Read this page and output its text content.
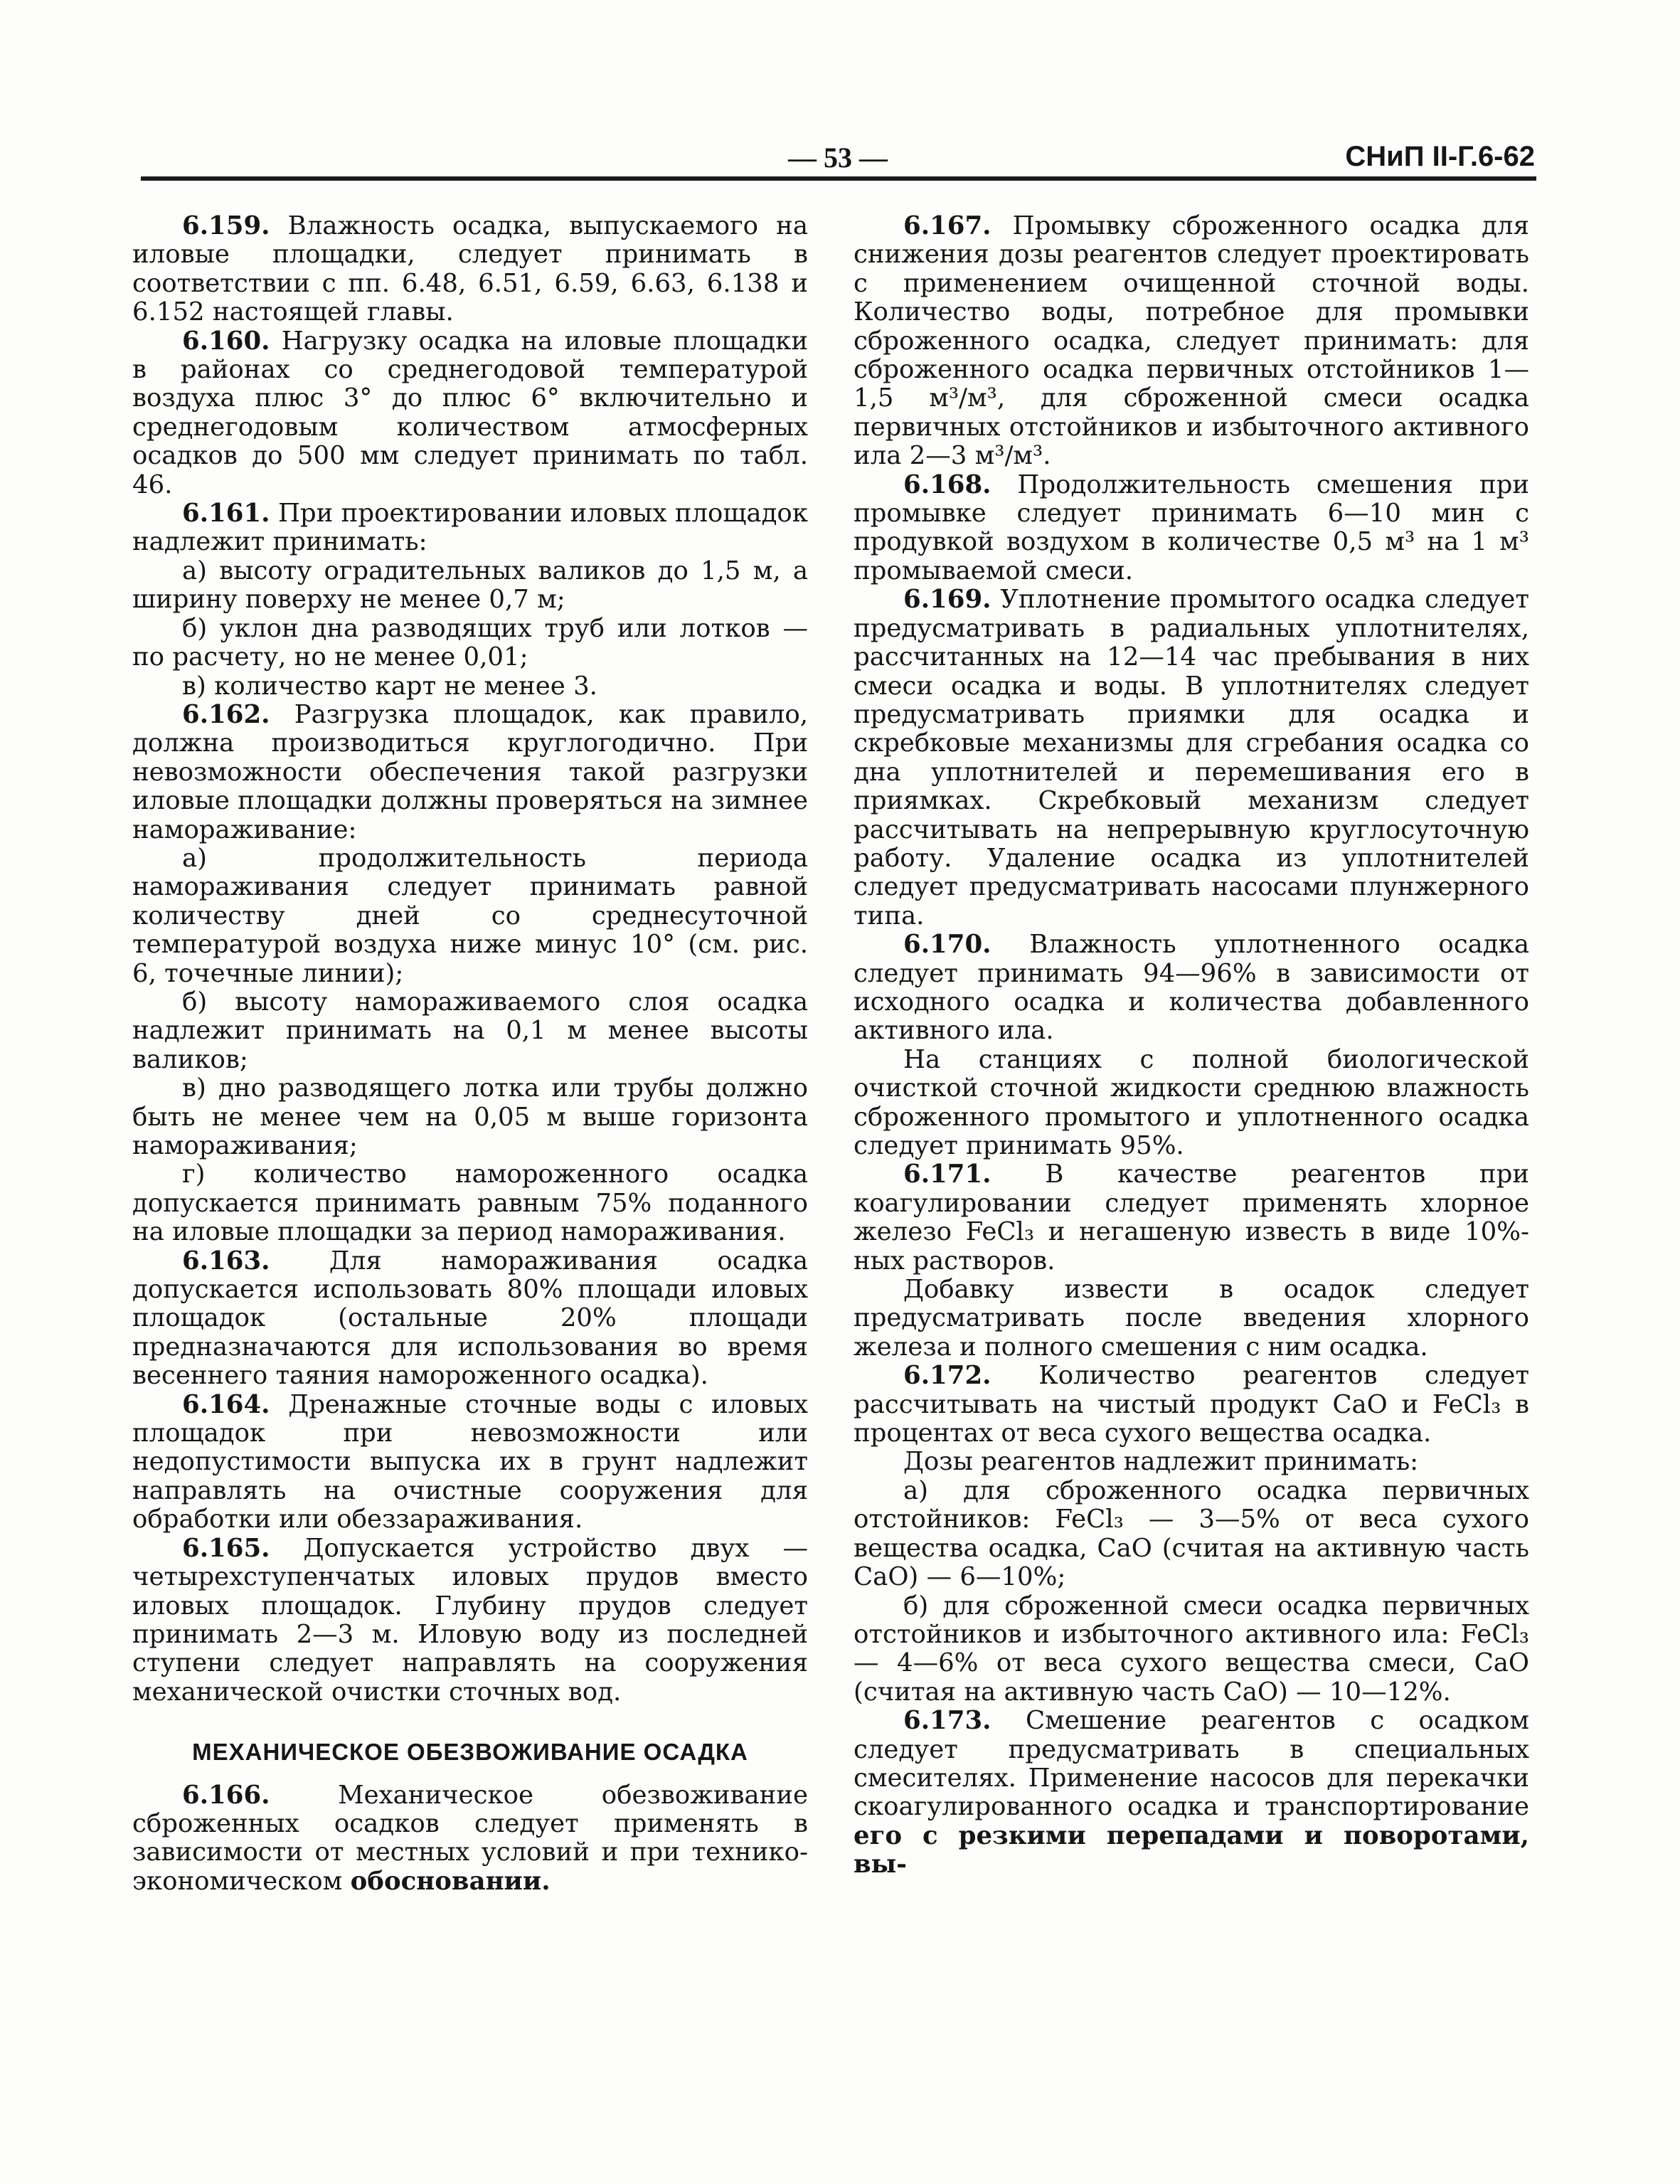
— 53 —	СНиП II-Г.6-62

6.159. Влажность осадка, выпускаемого на иловые площадки, следует принимать в соответствии с пп. 6.48, 6.51, 6.59, 6.63, 6.138 и 6.152 настоящей главы.

6.160. Нагрузку осадка на иловые площадки в районах со среднегодовой температурой воздуха плюс 3° до плюс 6° включительно и среднегодовым количеством атмосферных осадков до 500 мм следует принимать по табл. 46.

6.161. При проектировании иловых площадок надлежит принимать:

а) высоту оградительных валиков до 1,5 м, а ширину поверху не менее 0,7 м;

б) уклон дна разводящих труб или лотков — по расчету, но не менее 0,01;

в) количество карт не менее 3.

6.162. Разгрузка площадок, как правило, должна производиться круглогодично. При невозможности обеспечения такой разгрузки иловые площадки должны проверяться на зимнее намораживание:

а) продолжительность периода намораживания следует принимать равной количеству дней со среднесуточной температурой воздуха ниже минус 10° (см. рис. 6, точечные линии);

б) высоту намораживаемого слоя осадка надлежит принимать на 0,1 м менее высоты валиков;

в) дно разводящего лотка или трубы должно быть не менее чем на 0,05 м выше горизонта намораживания;

г) количество намороженного осадка допускается принимать равным 75% поданного на иловые площадки за период намораживания.

6.163. Для намораживания осадка допускается использовать 80% площади иловых площадок (остальные 20% площади предназначаются для использования во время весеннего таяния намороженного осадка).

6.164. Дренажные сточные воды с иловых площадок при невозможности или недопустимости выпуска их в грунт надлежит направлять на очистные сооружения для обработки или обеззараживания.

6.165. Допускается устройство двух — четырехступенчатых иловых прудов вместо иловых площадок. Глубину прудов следует принимать 2—3 м. Иловую воду из последней ступени следует направлять на сооружения механической очистки сточных вод.

МЕХАНИЧЕСКОЕ ОБЕЗВОЖИВАНИЕ ОСАДКА

6.166.	Механическое обезвоживание сброженных осадков следует применять в зависимости от местных условий и при технико-экономическом обосновании.

6.167. Промывку сброженного осадка для снижения дозы реагентов следует проектировать с применением очищенной сточной воды. Количество воды, потребное для промывки сброженного осадка, следует принимать: для сброженного осадка первичных отстойников 1—1,5 м³/м³, для сброженной смеси осадка первичных отстойников и избыточного активного ила 2—3 м³/м³.

6.168. Продолжительность смешения при промывке следует принимать 6—10 мин с продувкой воздухом в количестве 0,5 м³ на 1 м³ промываемой смеси.

6.169. Уплотнение промытого осадка следует предусматривать в радиальных уплотнителях, рассчитанных на 12—14 час пребывания в них смеси осадка и воды. В уплотнителях следует предусматривать приямки для осадка и скребковые механизмы для сгребания осадка со дна уплотнителей и перемешивания его в приямках. Скребковый механизм следует рассчитывать на непрерывную круглосуточную работу. Удаление осадка из уплотнителей следует предусматривать насосами плунжерного типа.

6.170. Влажность уплотненного осадка следует принимать 94—96% в зависимости от исходного осадка и количества добавленного активного ила.

На станциях с полной биологической очисткой сточной жидкости среднюю влажность сброженного промытого и уплотненного осадка следует принимать 95%.

6.171. В качестве реагентов при коагулировании следует применять хлорное железо FeCl₃ и негашеную известь в виде 10%-ных растворов.

Добавку извести в осадок следует предусматривать после введения хлорного железа и полного смешения с ним осадка.

6.172. Количество реагентов следует рассчитывать на чистый продукт CaO и FeCl₃ в процентах от веса сухого вещества осадка.

Дозы реагентов надлежит принимать:

а) для сброженного осадка первичных отстойников: FeCl₃ — 3—5% от веса сухого вещества осадка, CaO (считая на активную часть CaO) — 6—10%;

б) для сброженной смеси осадка первичных отстойников и избыточного активного ила: FeCl₃ — 4—6% от веса сухого вещества смеси, CaO (считая на активную часть CaO) — 10—12%.

6.173. Смешение реагентов с осадком следует предусматривать в специальных смесителях. Применение насосов для перекачки скоагулированного осадка и транспортирование его с резкими перепадами и поворотами, вы-
